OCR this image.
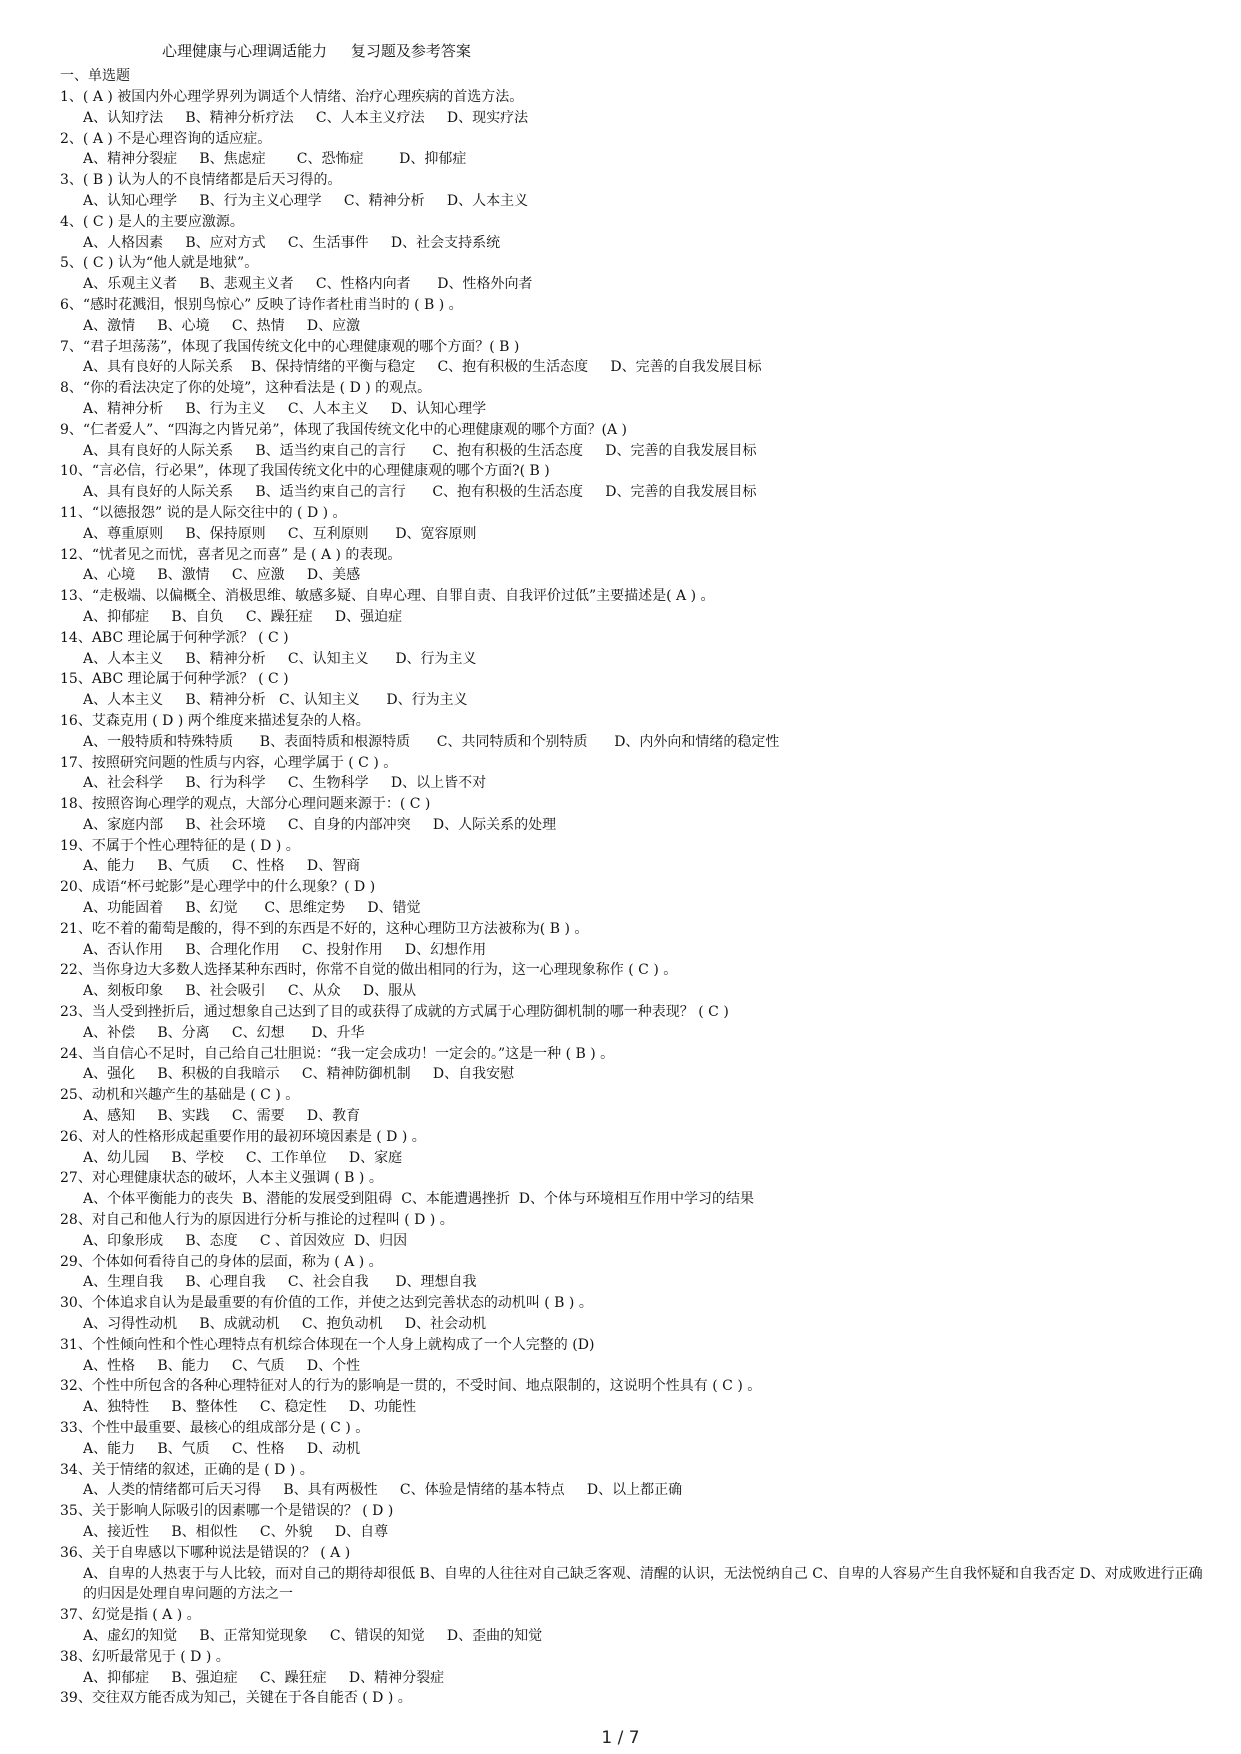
心理健康与心理调适能力     复习题及参考答案
一、单选题
1、( A ) 被国内外心理学界列为调适个人情绪、治疗心理疾病的首选方法。
A、认知疗法     B、精神分析疗法     C、人本主义疗法     D、现实疗法
2、( A ) 不是心理咨询的适应症。
A、精神分裂症     B、焦虑症       C、恐怖症        D、抑郁症
3、( B ) 认为人的不良情绪都是后天习得的。
A、认知心理学     B、行为主义心理学     C、精神分析     D、人本主义
4、( C ) 是人的主要应激源。
A、人格因素     B、应对方式     C、生活事件     D、社会支持系统
5、( C ) 认为“他人就是地狱”。
A、乐观主义者     B、悲观主义者     C、性格内向者      D、性格外向者
6、“感时花溅泪，恨别鸟惊心” 反映了诗作者杜甫当时的 ( B ) 。
A、激情     B、心境     C、热情     D、应激
7、“君子坦荡荡”，体现了我国传统文化中的心理健康观的哪个方面？( B )
A、具有良好的人际关系    B、保持情绪的平衡与稳定     C、抱有积极的生活态度     D、完善的自我发展目标
8、“你的看法决定了你的处境”，这种看法是 ( D ) 的观点。
A、精神分析     B、行为主义     C、人本主义     D、认知心理学
9、“仁者爱人”、“四海之内皆兄弟”，体现了我国传统文化中的心理健康观的哪个方面？(A )
A、具有良好的人际关系     B、适当约束自己的言行      C、抱有积极的生活态度     D、完善的自我发展目标
10、“言必信，行必果”，体现了我国传统文化中的心理健康观的哪个方面?( B )
A、具有良好的人际关系     B、适当约束自己的言行      C、抱有积极的生活态度     D、完善的自我发展目标
11、“以德报怨” 说的是人际交往中的 ( D ) 。
A、尊重原则     B、保持原则     C、互利原则      D、宽容原则
12、“忧者见之而忧，喜者见之而喜” 是 ( A ) 的表现。
A、心境     B、激情     C、应激     D、美感
13、“走极端、以偏概全、消极思维、敏感多疑、自卑心理、自罪自责、自我评价过低”主要描述是( A ) 。
A、抑郁症     B、自负     C、躁狂症     D、强迫症
14、ABC 理论属于何种学派？ ( C )
A、人本主义     B、精神分析     C、认知主义      D、行为主义
15、ABC 理论属于何种学派？ ( C )
A、人本主义     B、精神分析   C、认知主义      D、行为主义
16、艾森克用 ( D ) 两个维度来描述复杂的人格。
A、一般特质和特殊特质      B、表面特质和根源特质      C、共同特质和个别特质      D、内外向和情绪的稳定性
17、按照研究问题的性质与内容，心理学属于 ( C ) 。
A、社会科学     B、行为科学     C、生物科学     D、以上皆不对
18、按照咨询心理学的观点，大部分心理问题来源于：( C )
A、家庭内部     B、社会环境     C、自身的内部冲突     D、人际关系的处理
19、不属于个性心理特征的是 ( D ) 。
A、能力     B、气质     C、性格     D、智商
20、成语“杯弓蛇影”是心理学中的什么现象？( D )
A、功能固着     B、幻觉      C、思维定势     D、错觉
21、吃不着的葡萄是酸的，得不到的东西是不好的，这种心理防卫方法被称为( B ) 。
A、否认作用     B、合理化作用     C、投射作用     D、幻想作用
22、当你身边大多数人选择某种东西时，你常不自觉的做出相同的行为，这一心理现象称作 ( C ) 。
A、刻板印象     B、社会吸引     C、从众     D、服从
23、当人受到挫折后，通过想象自己达到了目的或获得了成就的方式属于心理防御机制的哪一种表现？ ( C )
A、补偿     B、分离     C、幻想      D、升华
24、当自信心不足时，自己给自己壮胆说：“我一定会成功！一定会的。”这是一种 ( B ) 。
A、强化     B、积极的自我暗示     C、精神防御机制     D、自我安慰
25、动机和兴趣产生的基础是 ( C ) 。
A、感知     B、实践     C、需要     D、教育
26、对人的性格形成起重要作用的最初环境因素是 ( D ) 。
A、幼儿园     B、学校     C、工作单位     D、家庭
27、对心理健康状态的破坏，人本主义强调 ( B ) 。
A、个体平衡能力的丧失  B、潜能的发展受到阻碍  C、本能遭遇挫折  D、个体与环境相互作用中学习的结果
28、对自己和他人行为的原因进行分析与推论的过程叫 ( D ) 。
A、印象形成     B、态度     C 、首因效应  D、归因
29、个体如何看待自己的身体的层面，称为 ( A ) 。
A、生理自我     B、心理自我     C、社会自我      D、理想自我
30、个体追求自认为是最重要的有价值的工作，并使之达到完善状态的动机叫 ( B ) 。
A、习得性动机     B、成就动机     C、抱负动机     D、社会动机
31、个性倾向性和个性心理特点有机综合体现在一个人身上就构成了一个人完整的 (D)
A、性格     B、能力     C、气质     D、个性
32、个性中所包含的各种心理特征对人的行为的影响是一贯的，不受时间、地点限制的，这说明个性具有 ( C ) 。
A、独特性     B、整体性     C、稳定性     D、功能性
33、个性中最重要、最核心的组成部分是 ( C ) 。
A、能力     B、气质     C、性格     D、动机
34、关于情绪的叙述，正确的是 ( D ) 。
A、人类的情绪都可后天习得     B、具有两极性     C、体验是情绪的基本特点     D、以上都正确
35、关于影响人际吸引的因素哪一个是错误的？ ( D )
A、接近性     B、相似性     C、外貌     D、自尊
36、关于自卑感以下哪种说法是错误的？ ( A )
A、自卑的人热衷于与人比较，而对自己的期待却很低 B、自卑的人往往对自己缺乏客观、清醒的认识，无法悦纳自己 C、自卑的人容易产生自我怀疑和自我否定 D、对成败进行正确的归因是处理自卑问题的方法之一
37、幻觉是指 ( A ) 。
A、虚幻的知觉     B、正常知觉现象     C、错误的知觉     D、歪曲的知觉
38、幻听最常见于 ( D ) 。
A、抑郁症     B、强迫症     C、躁狂症     D、精神分裂症
39、交往双方能否成为知己，关键在于各自能否 ( D ) 。
1 / 7
